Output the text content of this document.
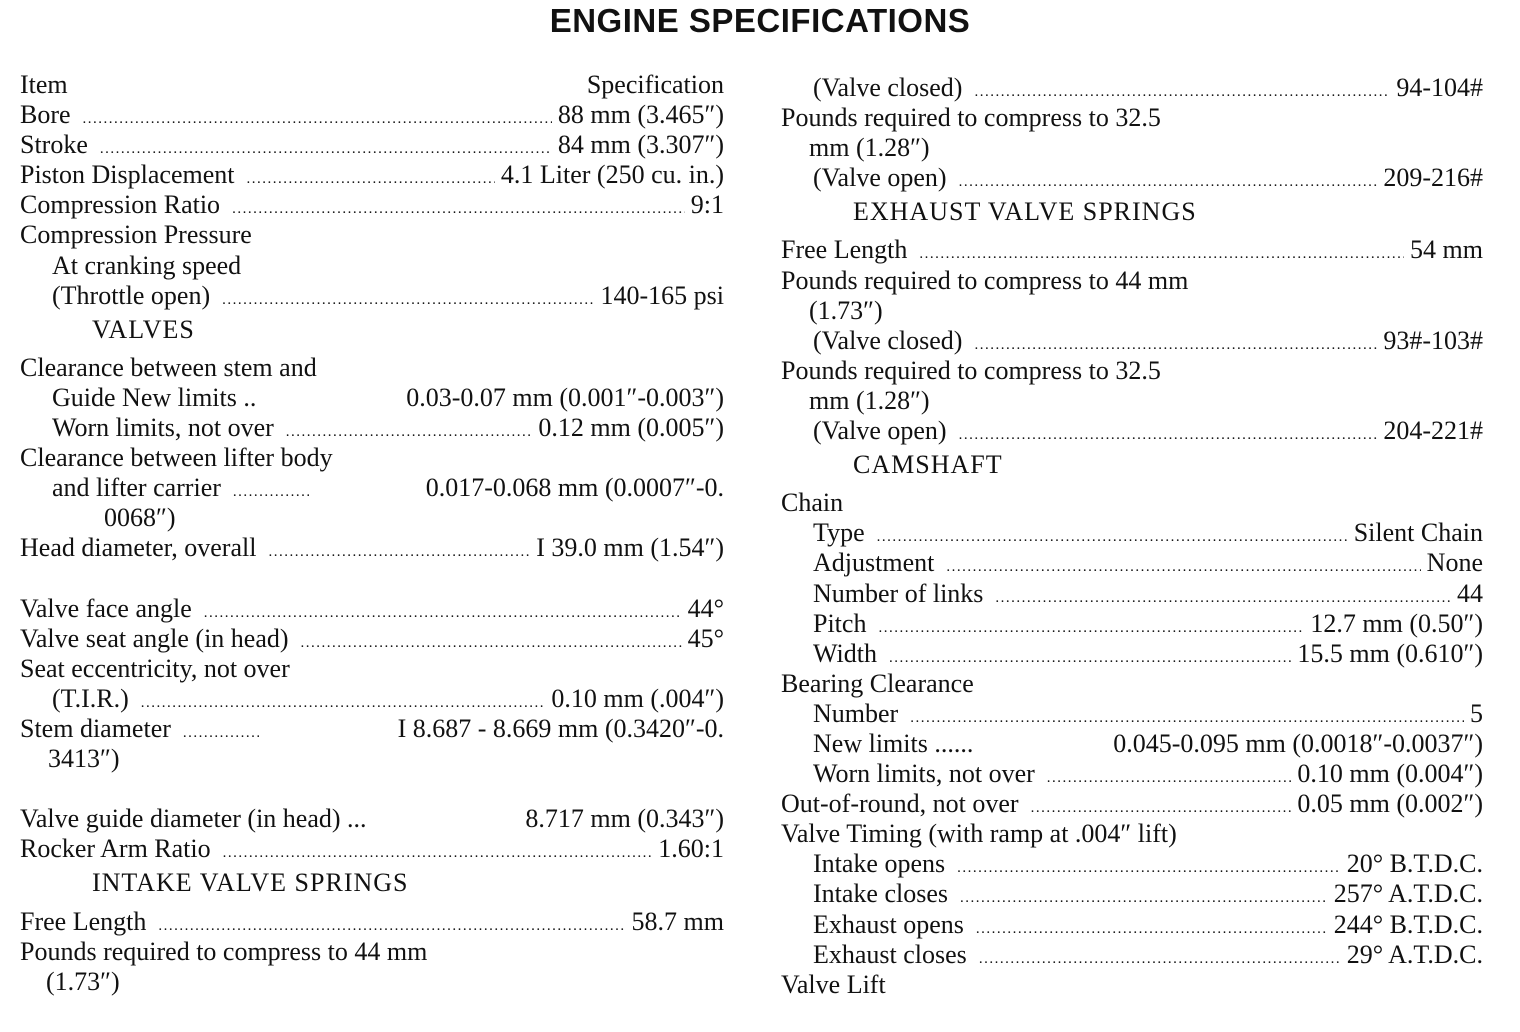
ENGINE SPECIFICATIONS
Item	Specification
Bore .....	88 mm (3.465″)
Stroke .....	84 mm (3.307″)
Piston Displacement .....	4.1 Liter (250 cu. in.)
Compression Ratio .....	9:1
Compression Pressure
At cranking speed
(Throttle open) .....	140-165 psi
VALVES
Clearance between stem and
Guide New limits ..	0.03-0.07 mm (0.001″-0.003″)
Worn limits, not over .....	0.12 mm (0.005″)
Clearance between lifter body
and lifter carrier .....	0.017-0.068 mm (0.0007″-0.
0068″)
Head diameter, overall .....	I 39.0 mm (1.54″)
Valve face angle .....	44°
Valve seat angle (in head) .....	45°
Seat eccentricity, not over
(T.I.R.) .....	0.10 mm (.004″)
Stem diameter .....	I 8.687 - 8.669 mm (0.3420″-0.
3413″)
Valve guide diameter (in head) ...	8.717 mm (0.343″)
Rocker Arm Ratio .....	1.60:1
INTAKE VALVE SPRINGS
Free Length .....	58.7 mm
Pounds required to compress to 44 mm
(1.73″)
(Valve closed) .....	94-104#
Pounds required to compress to 32.5
mm (1.28″)
(Valve open) .....	209-216#
EXHAUST VALVE SPRINGS
Free Length .....	54 mm
Pounds required to compress to 44 mm
(1.73″)
(Valve closed) .....	93#-103#
Pounds required to compress to 32.5
mm (1.28″)
(Valve open) .....	204-221#
CAMSHAFT
Chain
Type .....	Silent Chain
Adjustment .....	None
Number of links .....	44
Pitch .....	12.7 mm (0.50″)
Width .....	15.5 mm (0.610″)
Bearing Clearance
Number .....	5
New limits ......	0.045-0.095 mm (0.0018″-0.0037″)
Worn limits, not over .....	0.10 mm (0.004″)
Out-of-round, not over .....	0.05 mm (0.002″)
Valve Timing (with ramp at .004″ lift)
Intake opens .....	20° B.T.D.C.
Intake closes .....	257° A.T.D.C.
Exhaust opens .....	244° B.T.D.C.
Exhaust closes .....	29° A.T.D.C.
Valve Lift
